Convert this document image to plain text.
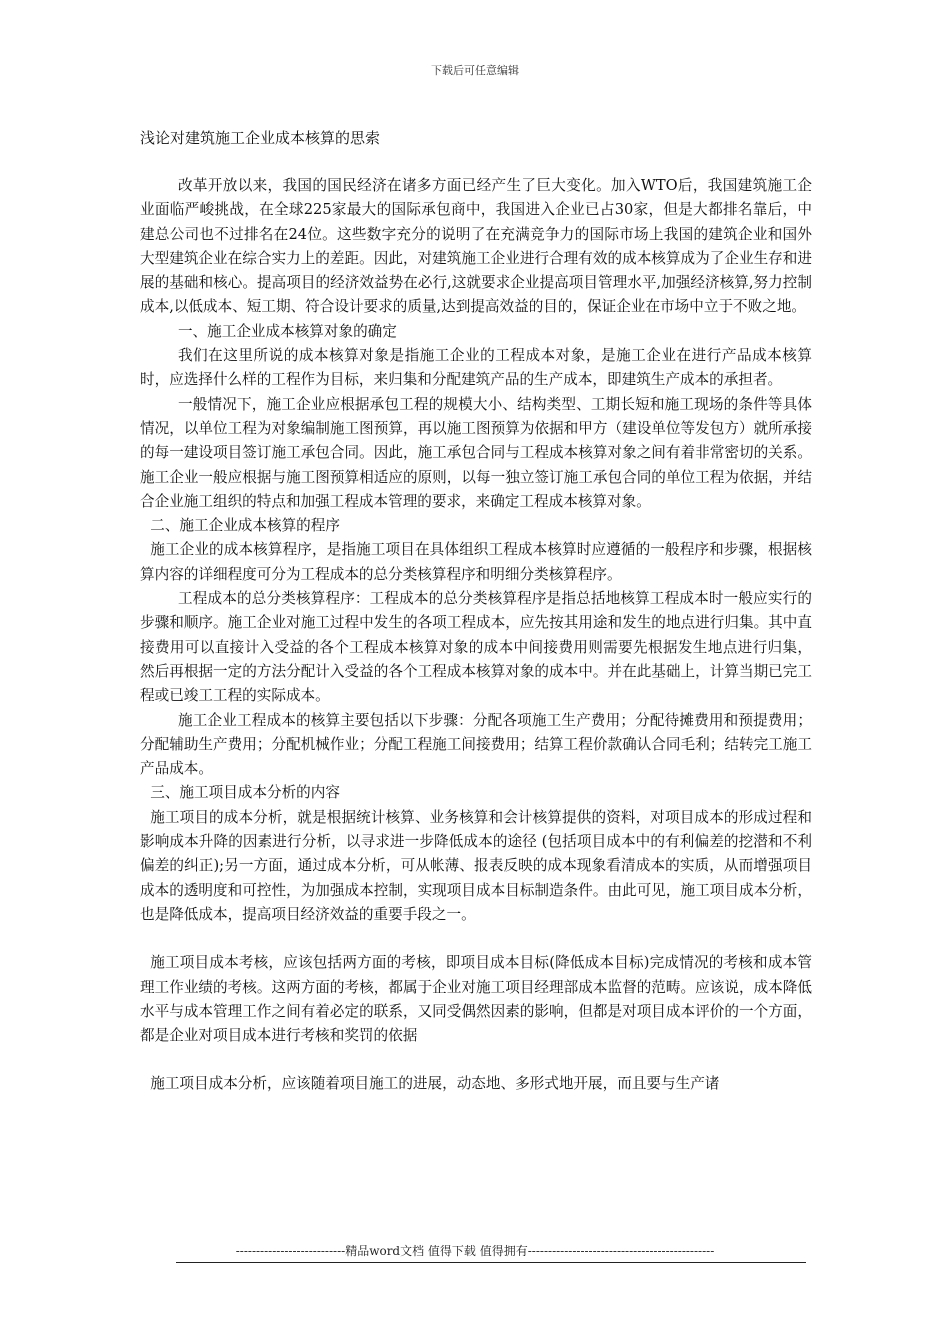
下载后可任意编辑
浅论对建筑施工企业成本核算的思索

改革开放以来，我国的国民经济在诸多方面已经产生了巨大变化。加入WTO后，我国建筑施工企业面临严峻挑战，在全球225家最大的国际承包商中，我国进入企业已占30家，但是大都排名靠后，中建总公司也不过排名在24位。这些数字充分的说明了在充满竞争力的国际市场上我国的建筑企业和国外大型建筑企业在综合实力上的差距。因此，对建筑施工企业进行合理有效的成本核算成为了企业生存和进展的基础和核心。提高项目的经济效益势在必行,这就要求企业提高项目管理水平,加强经济核算,努力控制成本,以低成本、短工期、符合设计要求的质量,达到提高效益的目的，保证企业在市场中立于不败之地。

一、施工企业成本核算对象的确定

我们在这里所说的成本核算对象是指施工企业的工程成本对象，是施工企业在进行产品成本核算时，应选择什么样的工程作为目标，来归集和分配建筑产品的生产成本，即建筑生产成本的承担者。

一般情况下，施工企业应根据承包工程的规模大小、结构类型、工期长短和施工现场的条件等具体情况，以单位工程为对象编制施工图预算，再以施工图预算为依据和甲方（建设单位等发包方）就所承接的每一建设项目签订施工承包合同。因此，施工承包合同与工程成本核算对象之间有着非常密切的关系。施工企业一般应根据与施工图预算相适应的原则，以每一独立签订施工承包合同的单位工程为依据，并结合企业施工组织的特点和加强工程成本管理的要求，来确定工程成本核算对象。

二、施工企业成本核算的程序

施工企业的成本核算程序，是指施工项目在具体组织工程成本核算时应遵循的一般程序和步骤，根据核算内容的详细程度可分为工程成本的总分类核算程序和明细分类核算程序。

工程成本的总分类核算程序：工程成本的总分类核算程序是指总括地核算工程成本时一般应实行的步骤和顺序。施工企业对施工过程中发生的各项工程成本，应先按其用途和发生的地点进行归集。其中直接费用可以直接计入受益的各个工程成本核算对象的成本中间接费用则需要先根据发生地点进行归集， 然后再根据一定的方法分配计入受益的各个工程成本核算对象的成本中。并在此基础上，计算当期已完工程或已竣工工程的实际成本。

施工企业工程成本的核算主要包括以下步骤：分配各项施工生产费用；分配待摊费用和预提费用；分配辅助生产费用；分配机械作业；分配工程施工间接费用；结算工程价款确认合同毛利；结转完工施工产品成本。

三、施工项目成本分析的内容

施工项目的成本分析，就是根据统计核算、业务核算和会计核算提供的资料，对项目成本的形成过程和影响成本升降的因素进行分析，以寻求进一步降低成本的途径 (包括项目成本中的有利偏差的挖潜和不利偏差的纠正);另一方面，通过成本分析，可从帐薄、报表反映的成本现象看清成本的实质，从而增强项目成本的透明度和可控性，为加强成本控制，实现项目成本目标制造条件。由此可见，施工项目成本分析，也是降低成本，提高项目经济效益的重要手段之一。

施工项目成本考核，应该包括两方面的考核，即项目成本目标(降低成本目标)完成情况的考核和成本管理工作业绩的考核。这两方面的考核，都属于企业对施工项目经理部成本监督的范畴。应该说，成本降低水平与成本管理工作之间有着必定的联系，又同受偶然因素的影响，但都是对项目成本评价的一个方面，都是企业对项目成本进行考核和奖罚的依据

施工项目成本分析，应该随着项目施工的进展，动态地、多形式地开展，而且要与生产诸

---------------------------精品word文档 值得下载 值得拥有----------------------------------------------
